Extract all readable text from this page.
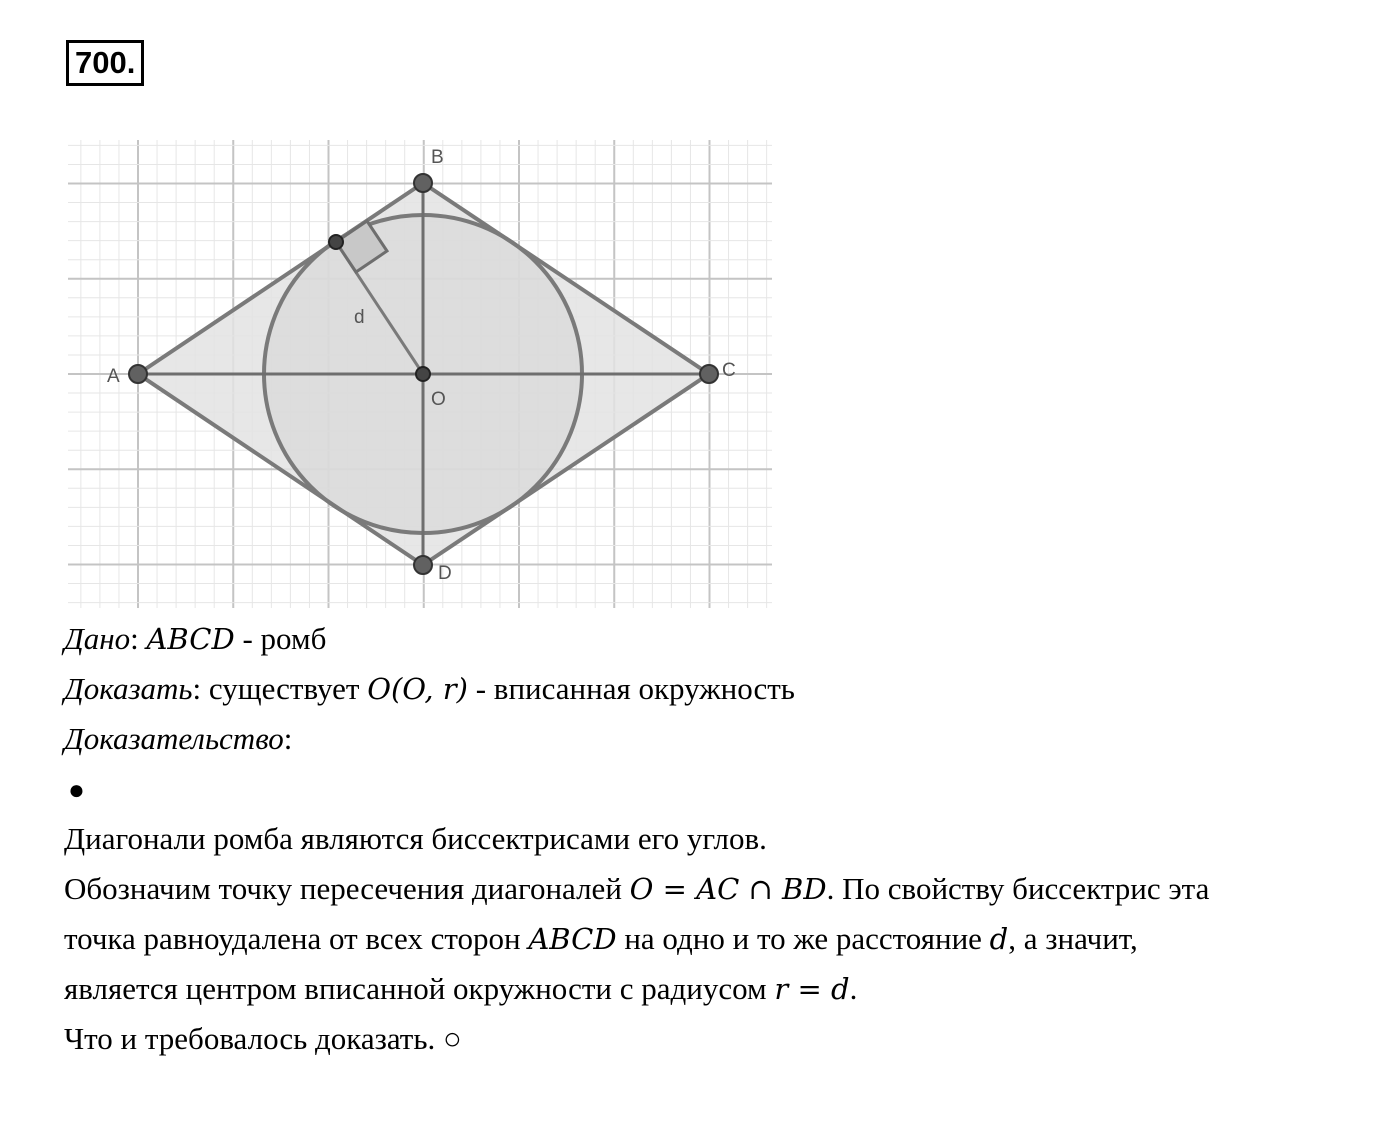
700.
A
B
C
D
O
d
Дано: ABCD - ромб
Доказать: существует O(O, r) - вписанная окружность
Доказательство:
●
Диагонали ромба являются биссектрисами его углов.
Обозначим точку пересечения диагоналей O = AC ∩ BD. По свойству биссектрис эта
точка равноудалена от всех сторон ABCD на одно и то же расстояние d, а значит,
является центром вписанной окружности с радиусом r = d.
Что и требовалось доказать. ○
